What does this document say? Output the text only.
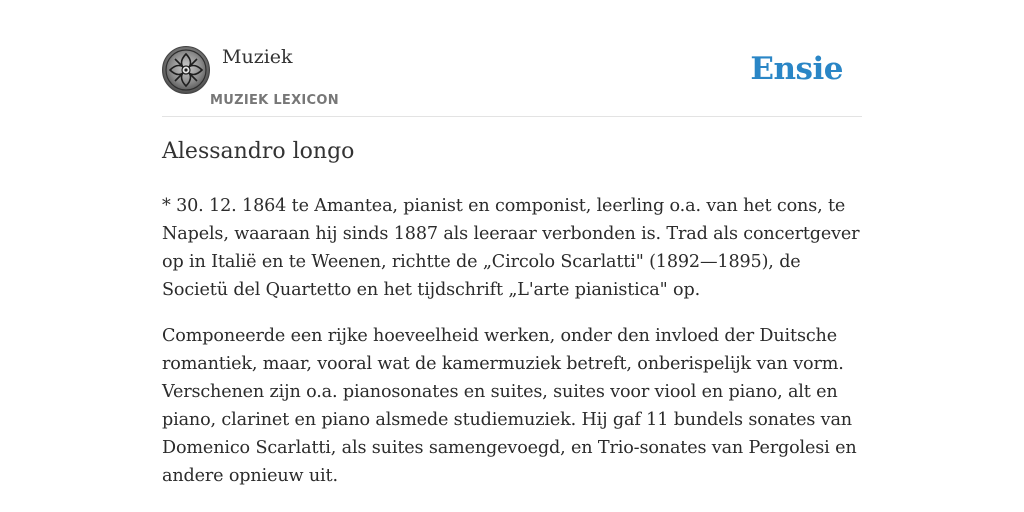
Muziek
MUZIEK LEXICON
Ensie
Alessandro longo

* 30. 12. 1864 te Amantea, pianist en componist, leerling o.a. van het cons, te Napels, waaraan hij sinds 1887 als leeraar verbonden is. Trad als concertgever op in Italië en te Weenen, richtte de „Circolo Scarlatti" (1892—1895), de Societü del Quartetto en het tijdschrift „L'arte pianistica" op.

Componeerde een rijke hoeveelheid werken, onder den invloed der Duitsche romantiek, maar, vooral wat de kamermuziek betreft, onberispelijk van vorm. Verschenen zijn o.a. pianosonates en suites, suites voor viool en piano, alt en piano, clarinet en piano alsmede studiemuziek. Hij gaf 11 bundels sonates van Domenico Scarlatti, als suites samengevoegd, en Trio-sonates van Pergolesi en andere opnieuw uit.
